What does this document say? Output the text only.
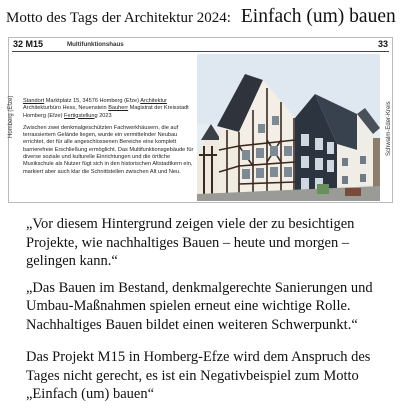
Motto des Tags der Architektur 2024: Einfach (um) bauen
32 M15	Multifunktionshaus	33
Homberg (Efze)	Schwalm-Eder-Kreis
Standort Marktplatz 15, 34576 Homberg (Efze) Architektur Architekturbüro Hess, Neuenstein Bauherr Magistrat der Kreisstadt Homberg (Efze) Fertigstellung 2023
Zwischen zwei denkmalgeschützten Fachwerkhäusern, die auf terrassiertem Gelände liegen, wurde ein vermittelnder Neubau errichtet, der für alle angeschlossenen Bereiche eine komplett barrierefreie Erschließung ermöglicht. Das Multifunktionsgebäude für diverse soziale und kulturelle Einrichtungen und die örtliche Musikschule als Nutzer fügt sich in den historischen Altstadtkern ein, markiert aber auch klar die Schnittstellen zwischen Alt und Neu.

„Vor diesem Hintergrund zeigen viele der zu besichtigen Projekte, wie nachhaltiges Bauen – heute und morgen – gelingen kann.“

„Das Bauen im Bestand, denkmalgerechte Sanierungen und Umbau-Maßnahmen spielen erneut eine wichtige Rolle. Nachhaltiges Bauen bildet einen weiteren Schwerpunkt.“

Das Projekt M15 in Homberg-Efze wird dem Anspruch des Tages nicht gerecht, es ist ein Negativbeispiel zum Motto „Einfach (um) bauen“
